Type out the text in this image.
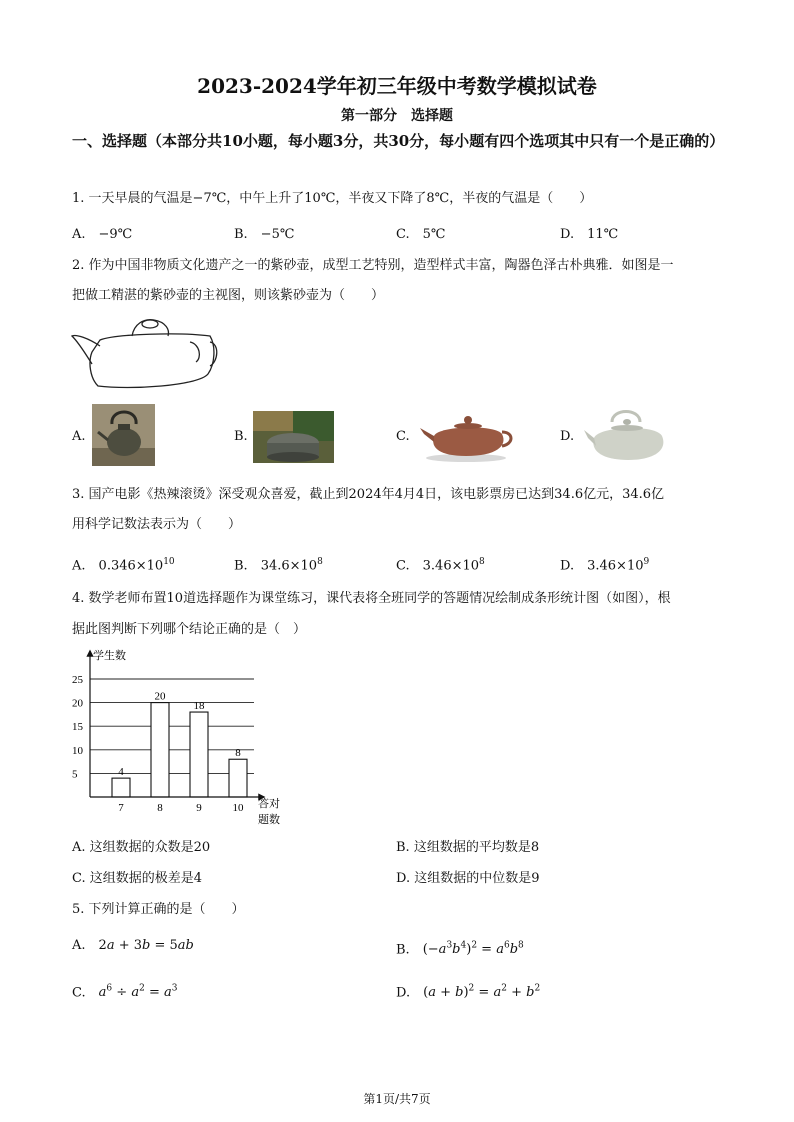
2023-2024学年初三年级中考数学模拟试卷
第一部分　选择题
一、选择题（本部分共10小题，每小题3分，共30分，每小题有四个选项其中只有一个是正确的）
1. 一天早晨的气温是−7℃，中午上升了10℃，半夜又下降了8℃，半夜的气温是（　　）
A.　−9℃	B.　−5℃	C.　5℃	D.　11℃
2. 作为中国非物质文化遗产之一的紫砂壶，成型工艺特别，造型样式丰富，陶器色泽古朴典雅．如图是一
把做工精湛的紫砂壶的主视图，则该紫砂壶为（　　）
A.	B.	C.	D.
3. 国产电影《热辣滚烫》深受观众喜爱，截止到2024年4月4日，该电影票房已达到34.6亿元，34.6亿
用科学记数法表示为（　　）
A.　 $0.346\times 10^{10}$	B.　 $34.6\times 10^8$	C.　 $3.46\times 10^8$	D.　 $3.46\times 10^9$
4. 数学老师布置10道选择题作为课堂练习，课代表将全班同学的答题情况绘制成条形统计图（如图），根
据此图判断下列哪个结论正确的是（　）
学生数
答对
题数
5
10
15
20
25
7	8	9	10
4
20
18
8
A. 这组数据的众数是20	B. 这组数据的平均数是8
C. 这组数据的极差是4	D. 这组数据的中位数是9
5. 下列计算正确的是（　　）
A.　 2a + 3b = 5ab	B.　 $(-a^3b^4)^2 = a^6b^8$
C.　 $a^6 \div a^2 = a^3$	D.　 $(a + b)^2 = a^2 + b^2$
第1页/共7页
